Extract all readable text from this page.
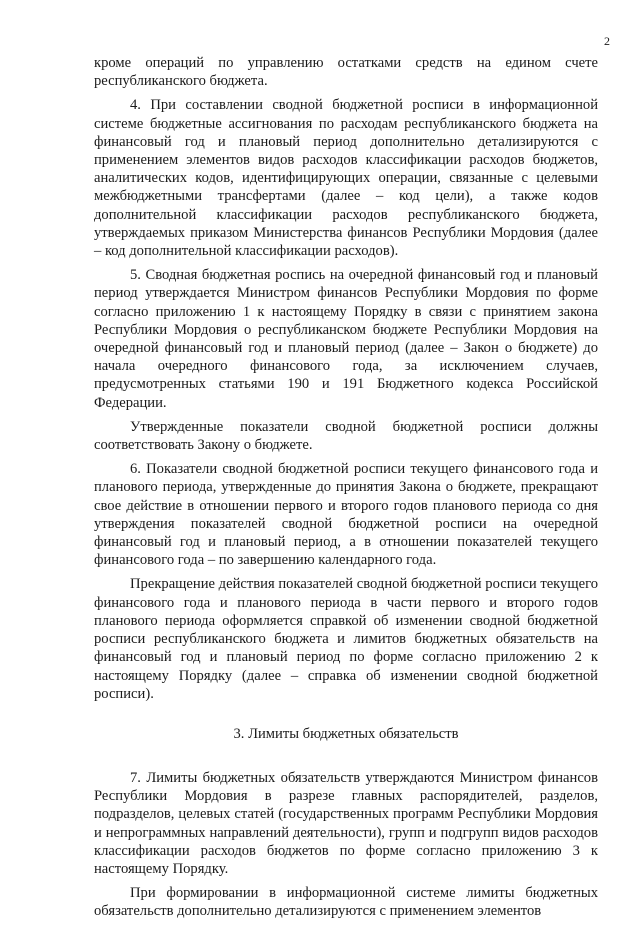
2

кроме операций по управлению остатками средств на едином счете республиканского бюджета.

4. При составлении сводной бюджетной росписи в информационной системе бюджетные ассигнования по расходам республиканского бюджета на финансовый год и плановый период дополнительно детализируются с применением элементов видов расходов классификации расходов бюджетов, аналитических кодов, идентифицирующих операции, связанные с целевыми межбюджетными трансфертами (далее – код цели), а также кодов дополнительной классификации расходов республиканского бюджета, утверждаемых приказом Министерства финансов Республики Мордовия (далее – код дополнительной классификации расходов).

5. Сводная бюджетная роспись на очередной финансовый год и плановый период утверждается Министром финансов Республики Мордовия по форме согласно приложению 1 к настоящему Порядку в связи с принятием закона Республики Мордовия о республиканском бюджете Республики Мордовия на очередной финансовый год и плановый период (далее – Закон о бюджете) до начала очередного финансового года, за исключением случаев, предусмотренных статьями 190 и 191 Бюджетного кодекса Российской Федерации.

Утвержденные показатели сводной бюджетной росписи должны соответствовать Закону о бюджете.

6. Показатели сводной бюджетной росписи текущего финансового года и планового периода, утвержденные до принятия Закона о бюджете, прекращают свое действие в отношении первого и второго годов планового периода со дня утверждения показателей сводной бюджетной росписи на очередной финансовый год и плановый период, а в отношении показателей текущего финансового года – по завершению календарного года.

Прекращение действия показателей сводной бюджетной росписи текущего финансового года и планового периода в части первого и второго годов планового периода оформляется справкой об изменении сводной бюджетной росписи республиканского бюджета и лимитов бюджетных обязательств на финансовый год и плановый период по форме согласно приложению 2 к настоящему Порядку (далее – справка об изменении сводной бюджетной росписи).

3. Лимиты бюджетных обязательств

7. Лимиты бюджетных обязательств утверждаются Министром финансов Республики Мордовия в разрезе главных распорядителей, разделов, подразделов, целевых статей (государственных программ Республики Мордовия и непрограммных направлений деятельности), групп и подгрупп видов расходов классификации расходов бюджетов по форме согласно приложению 3 к настоящему Порядку.

При формировании в информационной системе лимиты бюджетных обязательств дополнительно детализируются с применением элементов
